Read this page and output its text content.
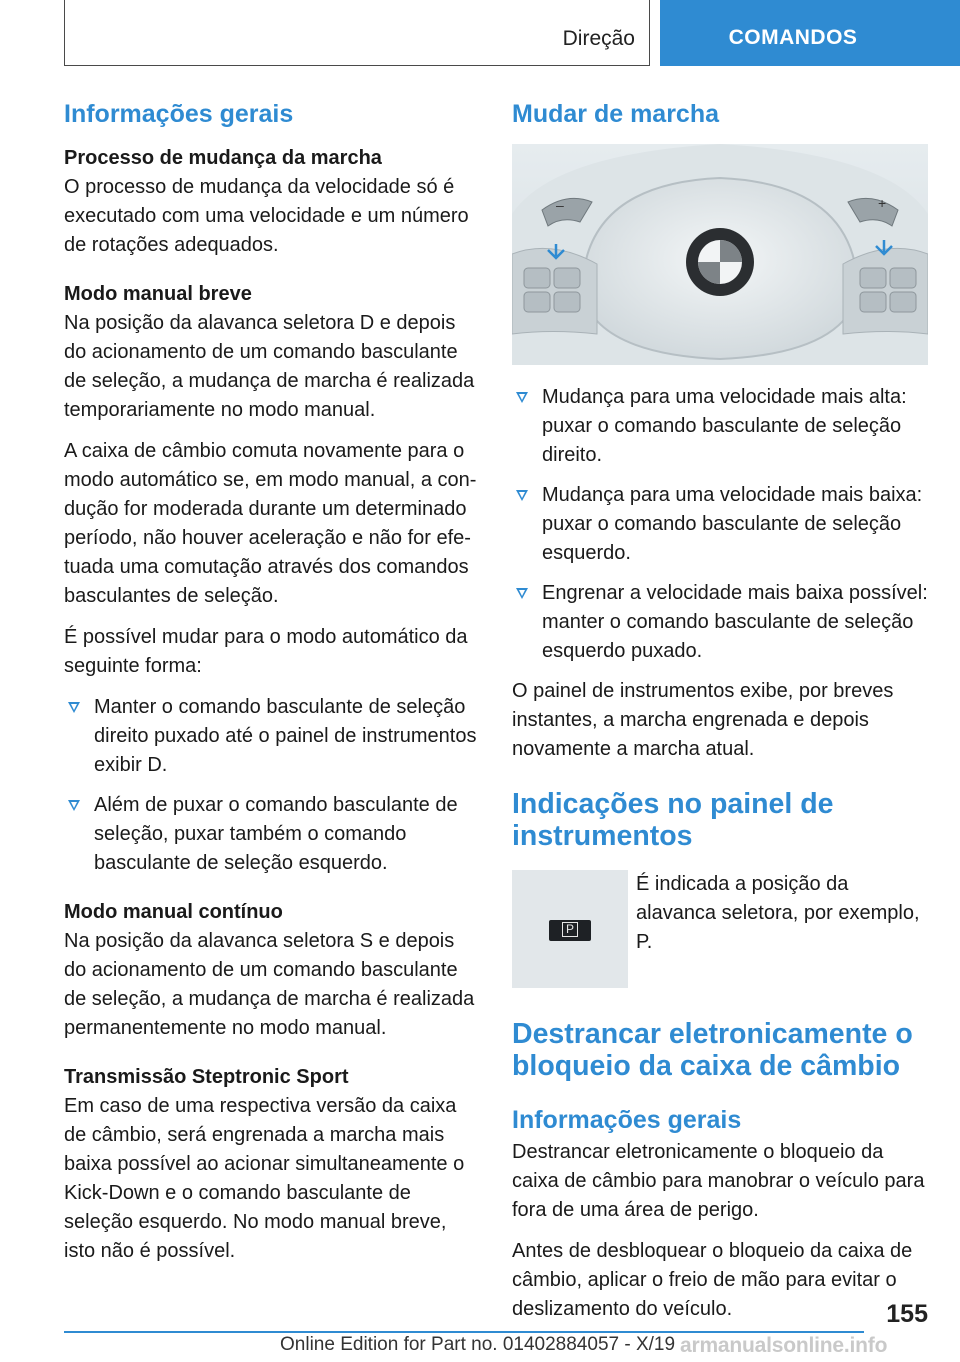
Direção	COMANDOS
Informações gerais
Processo de mudança da marcha

O processo de mudança da velocidade só é executado com uma velocidade e um número de rotações adequados.

Modo manual breve

Na posição da alavanca seletora D e depois do acionamento de um comando basculante de seleção, a mudança de marcha é realizada temporariamente no modo manual.

A caixa de câmbio comuta novamente para o modo automático se, em modo manual, a condução for moderada durante um determinado período, não houver aceleração e não for efetuada uma comutação através dos comandos basculantes de seleção.

É possível mudar para o modo automático da seguinte forma:

Manter o comando basculante de seleção direito puxado até o painel de instrumentos exibir D.
Além de puxar o comando basculante de seleção, puxar também o comando basculante de seleção esquerdo.
Modo manual contínuo

Na posição da alavanca seletora S e depois do acionamento de um comando basculante de seleção, a mudança de marcha é realizada permanentemente no modo manual.

Transmissão Steptronic Sport

Em caso de uma respectiva versão da caixa de câmbio, será engrenada a marcha mais baixa possível ao acionar simultaneamente o Kick-Down e o comando basculante de seleção esquerdo. No modo manual breve, isto não é possível.

Mudar de marcha
–	+
Mudança para uma velocidade mais alta: puxar o comando basculante de seleção direito.
Mudança para uma velocidade mais baixa: puxar o comando basculante de seleção esquerdo.
Engrenar a velocidade mais baixa possível: manter o comando basculante de seleção esquerdo puxado.

O painel de instrumentos exibe, por breves instantes, a marcha engrenada e depois novamente a marcha atual.

Indicações no painel de instrumentos
P

É indicada a posição da alavanca seletora, por exemplo, P.

Destrancar eletronicamente o bloqueio da caixa de câmbio
Informações gerais

Destrancar eletronicamente o bloqueio da caixa de câmbio para manobrar o veículo para fora de uma área de perigo.

Antes de desbloquear o bloqueio da caixa de câmbio, aplicar o freio de mão para evitar o deslizamento do veículo.	155
Online Edition for Part no. 01402884057 - X/19 armanualsonline.info
